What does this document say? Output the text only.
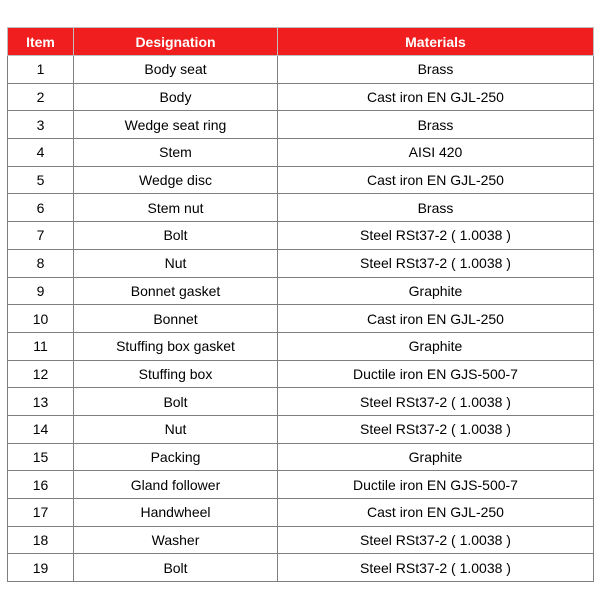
Item	Designation	Materials
1	Body seat	Brass
2	Body	Cast iron EN GJL-250
3	Wedge seat ring	Brass
4	Stem	AISI 420
5	Wedge disc	Cast iron EN GJL-250
6	Stem nut	Brass
7	Bolt	Steel RSt37-2 ( 1.0038 )
8	Nut	Steel RSt37-2 ( 1.0038 )
9	Bonnet gasket	Graphite
10	Bonnet	Cast iron EN GJL-250
11	Stuffing box gasket	Graphite
12	Stuffing box	Ductile iron EN GJS-500-7
13	Bolt	Steel RSt37-2 ( 1.0038 )
14	Nut	Steel RSt37-2 ( 1.0038 )
15	Packing	Graphite
16	Gland follower	Ductile iron EN GJS-500-7
17	Handwheel	Cast iron EN GJL-250
18	Washer	Steel RSt37-2 ( 1.0038 )
19	Bolt	Steel RSt37-2 ( 1.0038 )
